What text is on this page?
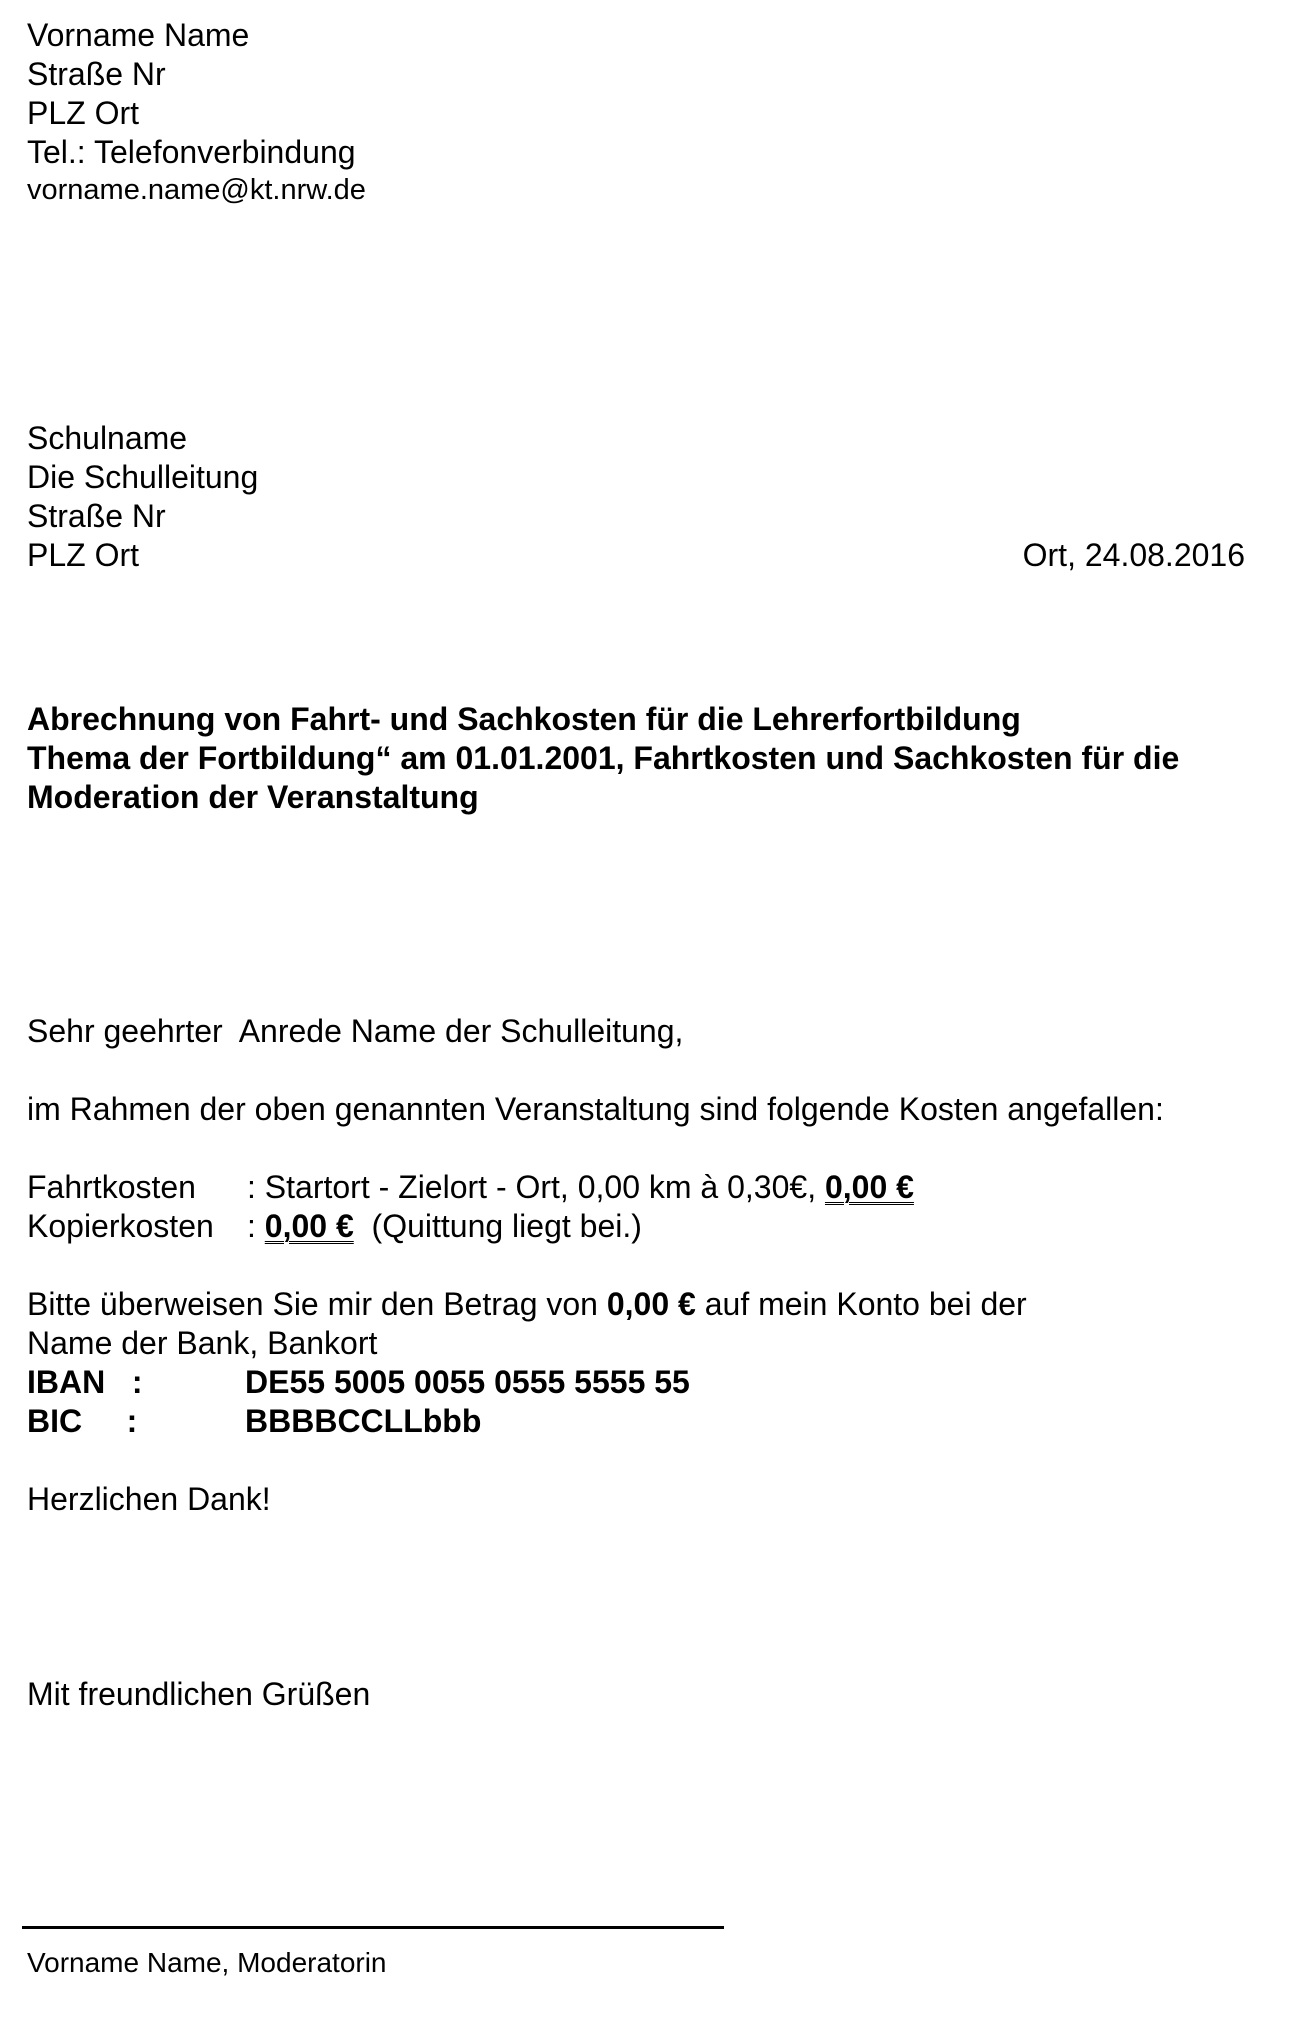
Vorname Name
Straße Nr
PLZ Ort
Tel.: Telefonverbindung
vorname.name@kt.nrw.de
Schulname
Die Schulleitung
Straße Nr
PLZ Ort	Ort, 24.08.2016
Abrechnung von Fahrt- und Sachkosten für die Lehrerfortbildung
Thema der Fortbildung“ am 01.01.2001, Fahrtkosten und Sachkosten für die
Moderation der Veranstaltung
Sehr geehrter  Anrede Name der Schulleitung,
im Rahmen der oben genannten Veranstaltung sind folgende Kosten angefallen:
Fahrtkosten : Startort - Zielort - Ort, 0,00 km à 0,30€, 0,00 €
Kopierkosten : 0,00 €  (Quittung liegt bei.)
Bitte überweisen Sie mir den Betrag von 0,00 € auf mein Konto bei der
Name der Bank, Bankort
IBAN   :	DE55 5005 0055 0555 5555 55
BIC     :	BBBBCCLLbbb
Herzlichen Dank!
Mit freundlichen Grüßen
Vorname Name, Moderatorin
